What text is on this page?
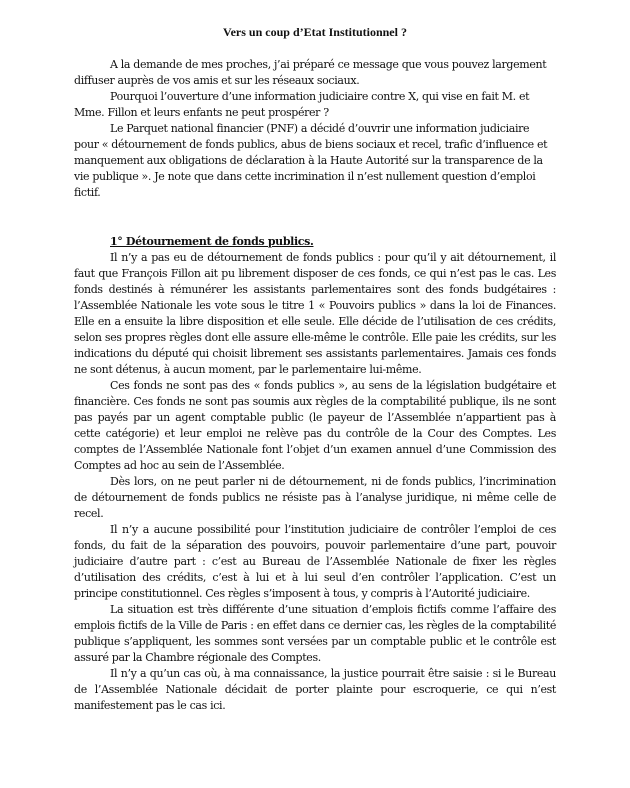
Vers un coup d’Etat Institutionnel ?

A la demande de mes proches, j’ai préparé ce message que vous pouvez largement diffuser auprès de vos amis et sur les réseaux sociaux.

Pourquoi l’ouverture d’une information judiciaire contre X, qui vise en fait M. et Mme. Fillon et leurs enfants ne peut prospérer ?

Le Parquet national financier (PNF) a décidé d’ouvrir une information judiciaire pour « détournement de fonds publics, abus de biens sociaux et recel, trafic d’influence et manquement aux obligations de déclaration à la Haute Autorité sur la transparence de la vie publique ». Je note que dans cette incrimination il n’est nullement question d’emploi fictif.

1° Détournement de fonds publics.

Il n’y a pas eu de détournement de fonds publics : pour qu’il y ait détournement, il faut que François Fillon ait pu librement disposer de ces fonds, ce qui n’est pas le cas. Les fonds destinés à rémunérer les assistants parlementaires sont des fonds budgétaires : l’Assemblée Nationale les vote sous le titre 1 « Pouvoirs publics » dans la loi de Finances. Elle en a ensuite la libre disposition et elle seule. Elle décide de l’utilisation de ces crédits, selon ses propres règles dont elle assure elle-même le contrôle. Elle paie les crédits, sur les indications du député qui choisit librement ses assistants parlementaires. Jamais ces fonds ne sont détenus, à aucun moment, par le parlementaire lui-même.

Ces fonds ne sont pas des « fonds publics », au sens de la législation budgétaire et financière. Ces fonds ne sont pas soumis aux règles de la comptabilité publique, ils ne sont pas payés par un agent comptable public (le payeur de l’Assemblée n’appartient pas à cette catégorie) et leur emploi ne relève pas du contrôle de la Cour des Comptes. Les comptes de l’Assemblée Nationale font l’objet d’un examen annuel d’une Commission des Comptes ad hoc au sein de l’Assemblée.

Dès lors, on ne peut parler ni de détournement, ni de fonds publics, l’incrimination de détournement de fonds publics ne résiste pas à l’analyse juridique, ni même celle de recel.

Il n’y a aucune possibilité pour l’institution judiciaire de contrôler l’emploi de ces fonds, du fait de la séparation des pouvoirs, pouvoir parlementaire d’une part, pouvoir judiciaire d’autre part : c’est au Bureau de l’Assemblée Nationale de fixer les règles d’utilisation des crédits, c’est à lui et à lui seul d’en contrôler l’application. C’est un principe constitutionnel. Ces règles s’imposent à tous, y compris à l’Autorité judiciaire.

La situation est très différente d’une situation d’emplois fictifs comme l’affaire des emplois fictifs de la Ville de Paris : en effet dans ce dernier cas, les règles de la comptabilité publique s’appliquent, les sommes sont versées par un comptable public et le contrôle est assuré par la Chambre régionale des Comptes.

Il n’y a qu’un cas où, à ma connaissance, la justice pourrait être saisie : si le Bureau de l’Assemblée Nationale décidait de porter plainte pour escroquerie, ce qui n’est manifestement pas le cas ici.
